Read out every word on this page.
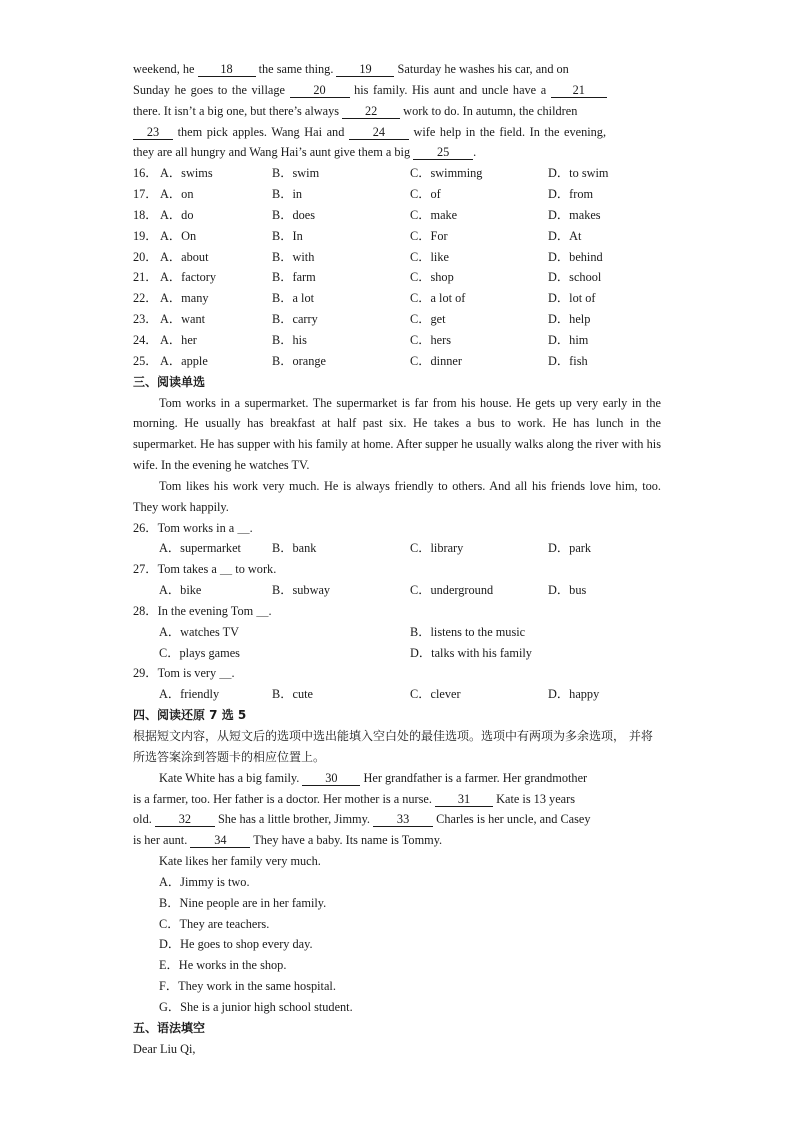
weekend, he 18 the same thing. 19 Saturday he washes his car, and on
Sunday he goes to the village 20 his family. His aunt and uncle have a 21
there. It isn’t a big one, but there’s always 22 work to do. In autumn, the children
23 them pick apples. Wang Hai and 24 wife help in the field. In the evening,
they are all hungry and Wang Hai’s aunt give them a big 25 .
16． A．swims	B．swim	C．swimming	D．to swim
17． A．on	B．in	C．of	D．from
18． A．do	B．does	C．make	D．makes
19． A．On	B．In	C．For	D．At
20． A．about	B．with	C．like	D．behind
21． A．factory	B．farm	C．shop	D．school
22． A．many	B．a lot	C．a lot of	D．lot of
23． A．want	B．carry	C．get	D．help
24． A．her	B．his	C．hers	D．him
25． A．apple	B．orange	C．dinner	D．fish
三、阅读单选
Tom works in a supermarket. The supermarket is far from his house. He gets up very early in the morning. He usually has breakfast at half past six. He takes a bus to work. He has lunch in the supermarket. He has supper with his family at home. After supper he usually walks along the river with his wife. In the evening he watches TV.
Tom likes his work very much. He is always friendly to others. And all his friends love him, too. They work happily.
26．Tom works in a ＿.
A．supermarket	B．bank	C．library	D．park
27．Tom takes a ＿ to work.
A．bike	B．subway	C．underground	D．bus
28．In the evening Tom ＿.
A．watches TV	B．listens to the music
C．plays games	D．talks with his family
29．Tom is very ＿.
A．friendly	B．cute	C．clever	D．happy
四、阅读还原 7 选 5
根据短文内容，从短文后的选项中选出能填入空白处的最佳选项。选项中有两项为多余选项， 并将所选答案涂到答题卡的相应位置上。
Kate White has a big family. 30 Her grandfather is a farmer. Her grandmother
is a farmer, too. Her father is a doctor. Her mother is a nurse. 31 Kate is 13 years
old. 32 She has a little brother, Jimmy. 33 Charles is her uncle, and Casey
is her aunt. 34 They have a baby. Its name is Tommy.
Kate likes her family very much.
A．Jimmy is two.
B．Nine people are in her family.
C．They are teachers.
D．He goes to shop every day.
E．He works in the shop.
F．They work in the same hospital.
G．She is a junior high school student.
五、语法填空
Dear Liu Qi,
